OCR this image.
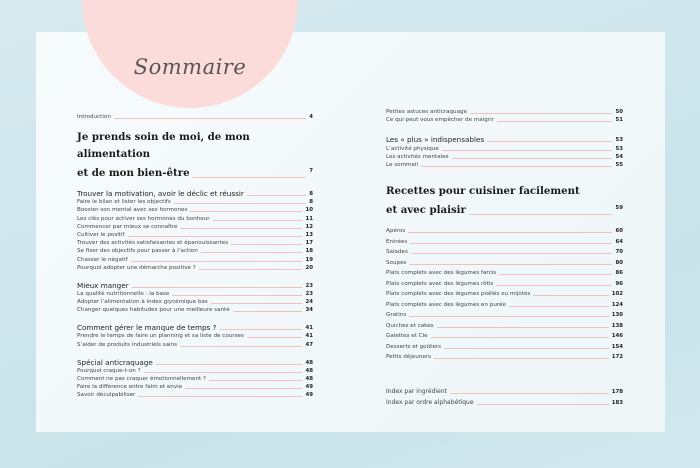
Sommaire
Introduction	4
Je prends soin de moi, de mon alimentation
et de mon bien-être	7
Trouver la motivation, avoir le déclic et réussir	8
Faire le bilan et lister les objectifs	8
Booster son mental avec ses hormones	10
Les clés pour activer ses hormones du bonheur	11
Commencer par mieux se connaître	12
Cultiver le positif	13
Trouver des activités satisfaisantes et épanouissantes	17
Se fixer des objectifs pour passer à l’action	18
Chasser le négatif	19
Pourquoi adopter une démarche positive ?	20
Mieux manger	23
La qualité nutritionnelle : la base	23
Adopter l’alimentation à index glycémique bas	24
Changer quelques habitudes pour une meilleure santé	34
Comment gérer le manque de temps ?	41
Prendre le temps de faire un planning et sa liste de courses	41
S’aider de produits industriels sains	47
Spécial anticraquage	48
Pourquoi craque-t-on ?	48
Comment ne pas craquer émotionnellement ?	48
Faire la différence entre faim et envie	49
Savoir déculpabiliser	49
Petites astuces anticraquage	50
Ce qui peut vous empêcher de maigrir	51
Les « plus » indispensables	53
L’activité physique	53
Les activités mentales	54
Le sommeil	55
Recettes pour cuisiner facilement
et avec plaisir	59
Apéros	60
Entrées	64
Salades	70
Soupes	80
Plats complets avec des légumes farcis	86
Plats complets avec des légumes rôtis	96
Plats complets avec des légumes poêlés ou mijotés	102
Plats complets avec des légumes en purée	124
Gratins	130
Quiches et cakes	138
Galettes et Cie	146
Desserts et goûters	154
Petits déjeuners	172
Index par ingrédient	178
Index par ordre alphabétique	183
